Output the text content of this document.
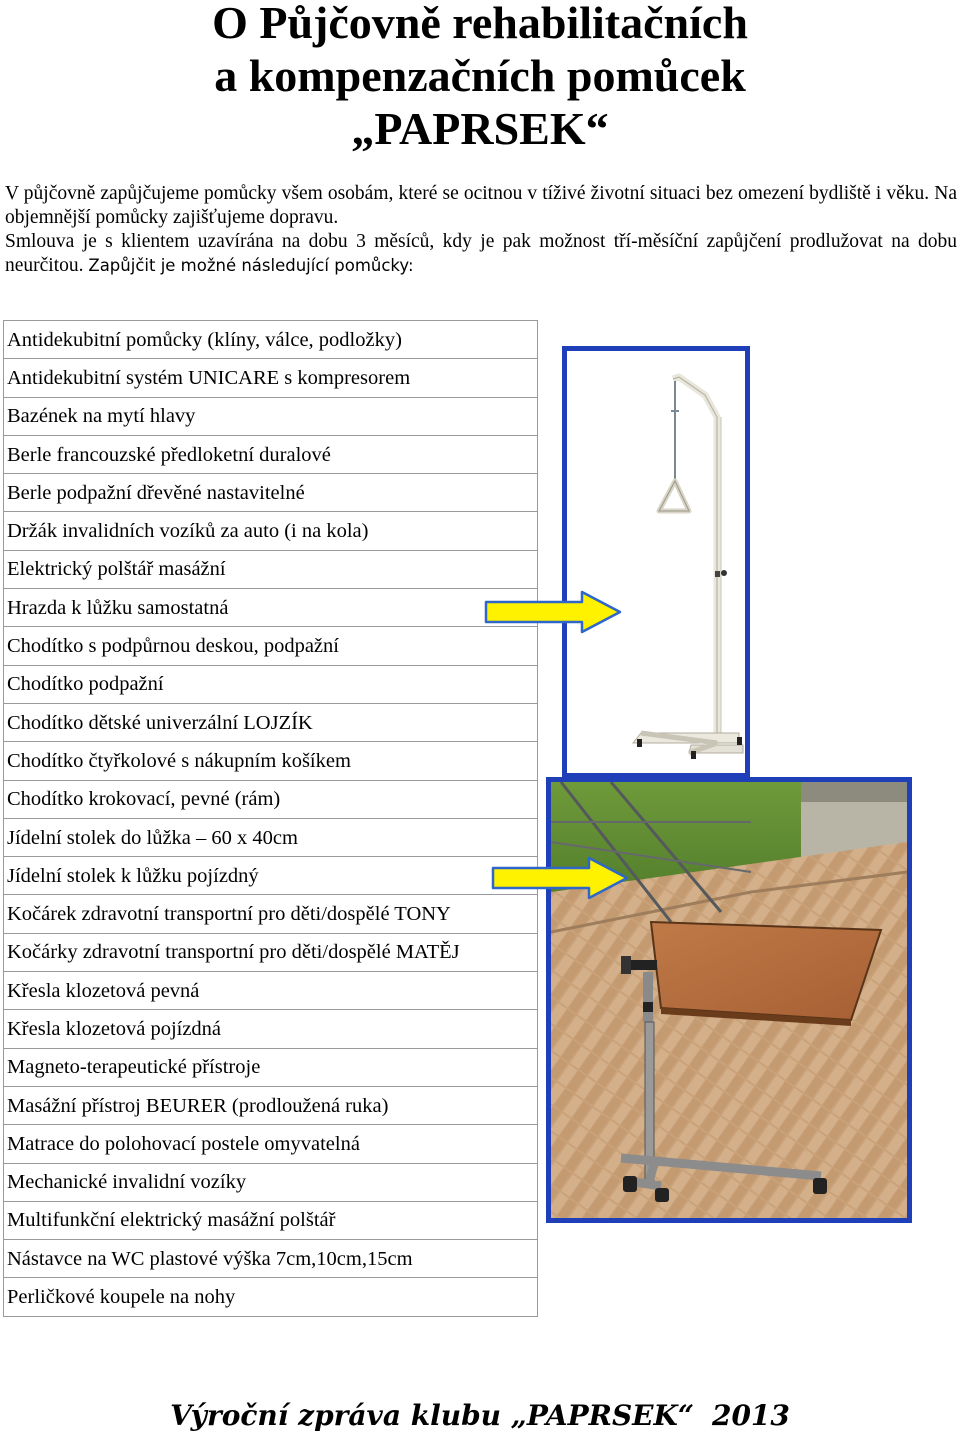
O Půjčovně rehabilitačních
a kompenzačních pomůcek
„PAPRSEK“
V půjčovně zapůjčujeme pomůcky všem osobám, které se ocitnou v tíživé životní situaci bez omezení bydliště i věku. Na objemnější pomůcky zajišťujeme dopravu.
Smlouva je s klientem uzavírána na dobu 3 měsíců, kdy je pak možnost tří-měsíční zapůjčení prodlužovat na dobu neurčitou. Zapůjčit je možné následující pomůcky:
Antidekubitní pomůcky (klíny, válce, podložky)
Antidekubitní systém UNICARE s kompresorem
Bazének na mytí hlavy
Berle francouzské předloketní duralové
Berle podpažní dřevěné nastavitelné
Držák invalidních vozíků za auto (i na kola)
Elektrický polštář masážní
Hrazda k lůžku samostatná
Chodítko s podpůrnou deskou, podpažní
Chodítko podpažní
Chodítko dětské univerzální LOJZÍK
Chodítko čtyřkolové s nákupním košíkem
Chodítko krokovací, pevné (rám)
Jídelní stolek do lůžka – 60 x 40cm
Jídelní stolek k lůžku pojízdný
Kočárek zdravotní transportní pro děti/dospělé TONY
Kočárky zdravotní transportní pro děti/dospělé MATĚJ
Křesla klozetová pevná
Křesla klozetová pojízdná
Magneto-terapeutické přístroje
Masážní přístroj BEURER (prodloužená ruka)
Matrace do polohovací postele omyvatelná
Mechanické invalidní vozíky
Multifunkční elektrický masážní polštář
Nástavce na WC plastové výška 7cm,10cm,15cm
Perličkové koupele na nohy
Výroční zpráva klubu „PAPRSEK“ 2013
